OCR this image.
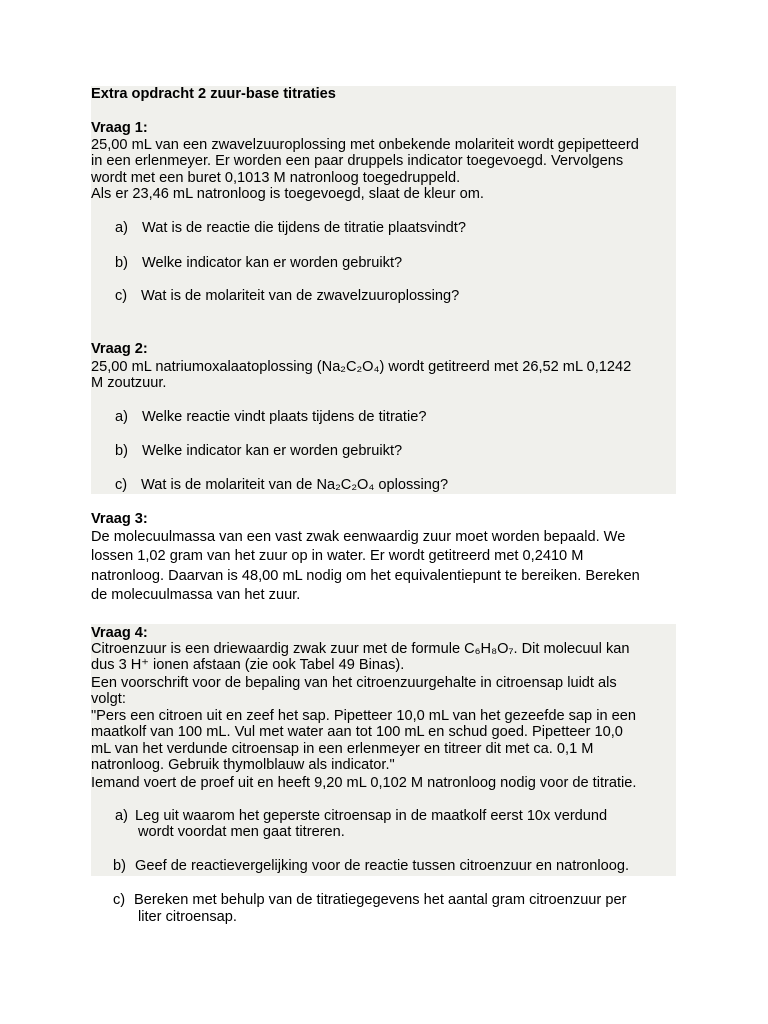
Extra opdracht 2 zuur-base titraties
Vraag 1:
25,00 mL van een zwavelzuuroplossing met onbekende molariteit wordt gepipetteerd
in een erlenmeyer. Er worden een paar druppels indicator toegevoegd. Vervolgens
wordt met een buret 0,1013 M natronloog toegedruppeld.
Als er 23,46 mL natronloog is toegevoegd, slaat de kleur om.
a) Wat is de reactie die tijdens de titratie plaatsvindt?
b) Welke indicator kan er worden gebruikt?
c) Wat is de molariteit van de zwavelzuuroplossing?
Vraag 2:
25,00 mL natriumoxalaatoplossing (Na₂C₂O₄) wordt getitreerd met 26,52 mL 0,1242
M zoutzuur.
a) Welke reactie vindt plaats tijdens de titratie?
b) Welke indicator kan er worden gebruikt?
c) Wat is de molariteit van de Na₂C₂O₄ oplossing?
Vraag 3:
De molecuulmassa van een vast zwak eenwaardig zuur moet worden bepaald. We
lossen 1,02 gram van het zuur op in water. Er wordt getitreerd met 0,2410 M
natronloog. Daarvan is 48,00 mL nodig om het equivalentiepunt te bereiken. Bereken
de molecuulmassa van het zuur.
Vraag 4:
Citroenzuur is een driewaardig zwak zuur met de formule C₆H₈O₇. Dit molecuul kan
dus 3 H⁺ ionen afstaan (zie ook Tabel 49 Binas).
Een voorschrift voor de bepaling van het citroenzuurgehalte in citroensap luidt als
volgt:
"Pers een citroen uit en zeef het sap. Pipetteer 10,0 mL van het gezeefde sap in een
maatkolf van 100 mL. Vul met water aan tot 100 mL en schud goed. Pipetteer 10,0
mL van het verdunde citroensap in een erlenmeyer en titreer dit met ca. 0,1 M
natronloog. Gebruik thymolblauw als indicator."
Iemand voert de proef uit en heeft 9,20 mL 0,102 M natronloog nodig voor de titratie.
a) Leg uit waarom het geperste citroensap in de maatkolf eerst 10x verdund
wordt voordat men gaat titreren.
b) Geef de reactievergelijking voor de reactie tussen citroenzuur en natronloog.
c) Bereken met behulp van de titratiegegevens het aantal gram citroenzuur per
liter citroensap.
